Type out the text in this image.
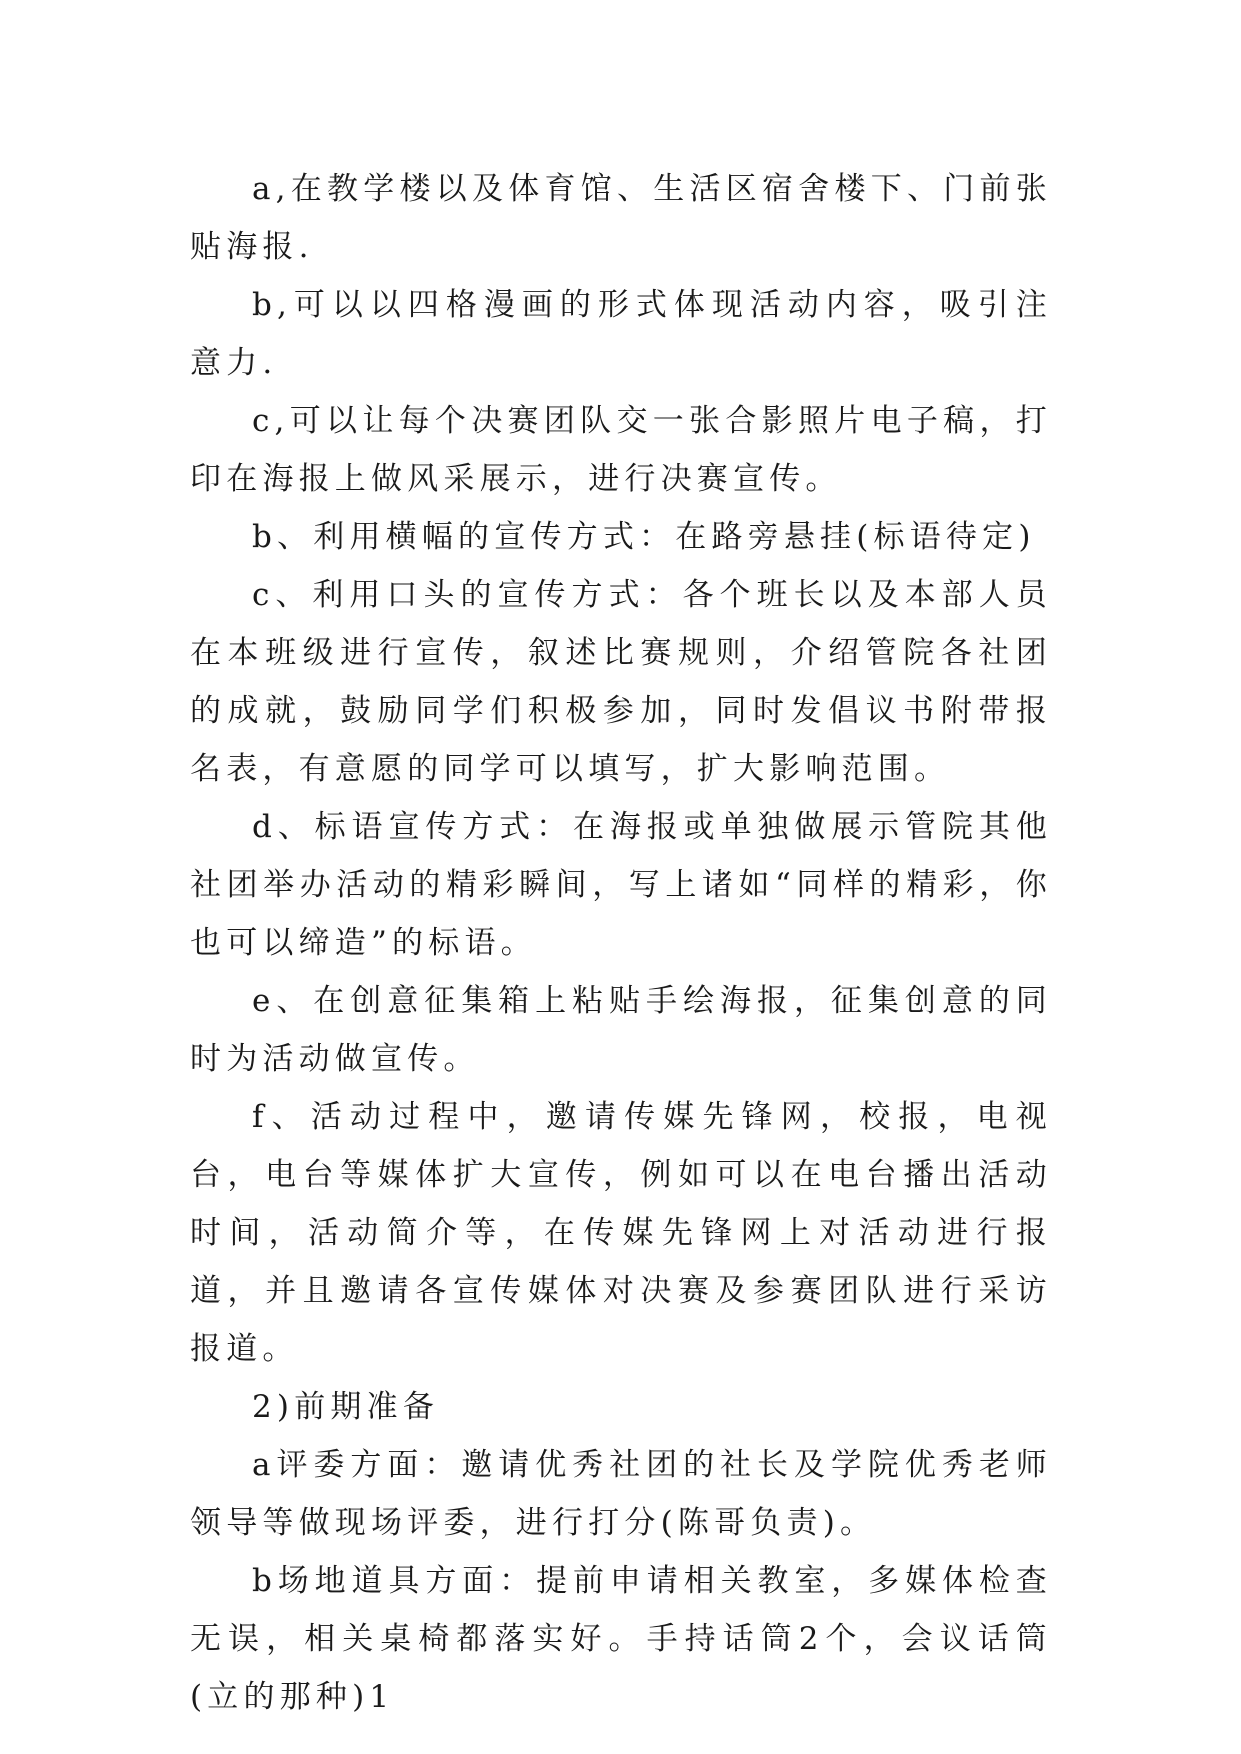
a,在教学楼以及体育馆、生活区宿舍楼下、门前张贴海报.

b,可以以四格漫画的形式体现活动内容，吸引注意力.

c,可以让每个决赛团队交一张合影照片电子稿，打印在海报上做风采展示，进行决赛宣传。

b、利用横幅的宣传方式：在路旁悬挂(标语待定)

c、利用口头的宣传方式：各个班长以及本部人员在本班级进行宣传，叙述比赛规则，介绍管院各社团的成就，鼓励同学们积极参加，同时发倡议书附带报名表，有意愿的同学可以填写，扩大影响范围。

d、标语宣传方式：在海报或单独做展示管院其他社团举办活动的精彩瞬间，写上诸如“同样的精彩，你也可以缔造”的标语。

e、在创意征集箱上粘贴手绘海报，征集创意的同时为活动做宣传。

f、活动过程中，邀请传媒先锋网，校报，电视台，电台等媒体扩大宣传，例如可以在电台播出活动时间，活动简介等，在传媒先锋网上对活动进行报道，并且邀请各宣传媒体对决赛及参赛团队进行采访报道。

2)前期准备

a评委方面：邀请优秀社团的社长及学院优秀老师领导等做现场评委，进行打分(陈哥负责)。

b场地道具方面：提前申请相关教室，多媒体检查无误，相关桌椅都落实好。手持话筒2个，会议话筒(立的那种)1
